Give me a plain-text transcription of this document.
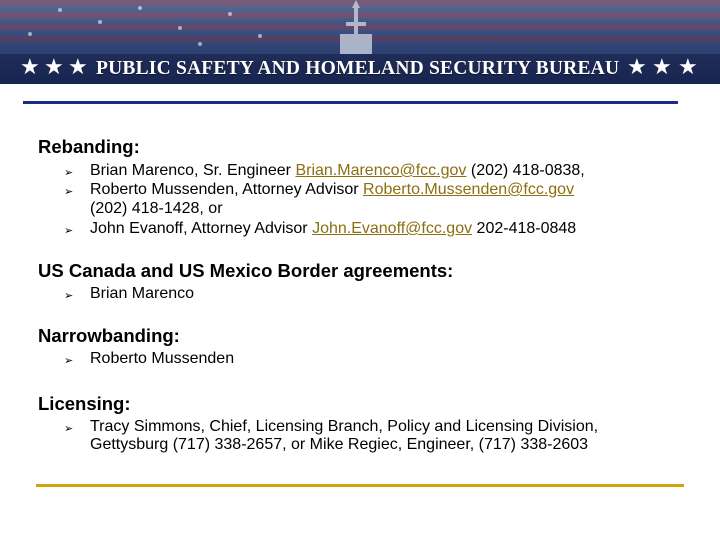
★ ★ ★ PUBLIC SAFETY AND HOMELAND SECURITY BUREAU ★ ★ ★
Rebanding:
➢ Brian Marenco, Sr. Engineer Brian.Marenco@fcc.gov (202) 418-0838,
➢ Roberto Mussenden, Attorney Advisor Roberto.Mussenden@fcc.gov
(202) 418-1428, or
➢ John Evanoff, Attorney Advisor John.Evanoff@fcc.gov 202-418-0848
US Canada and US Mexico Border agreements:
➢ Brian Marenco
Narrowbanding:
➢ Roberto Mussenden
Licensing:
➢ Tracy Simmons, Chief, Licensing Branch, Policy and Licensing Division,
Gettysburg (717) 338-2657, or Mike Regiec, Engineer, (717) 338-2603
